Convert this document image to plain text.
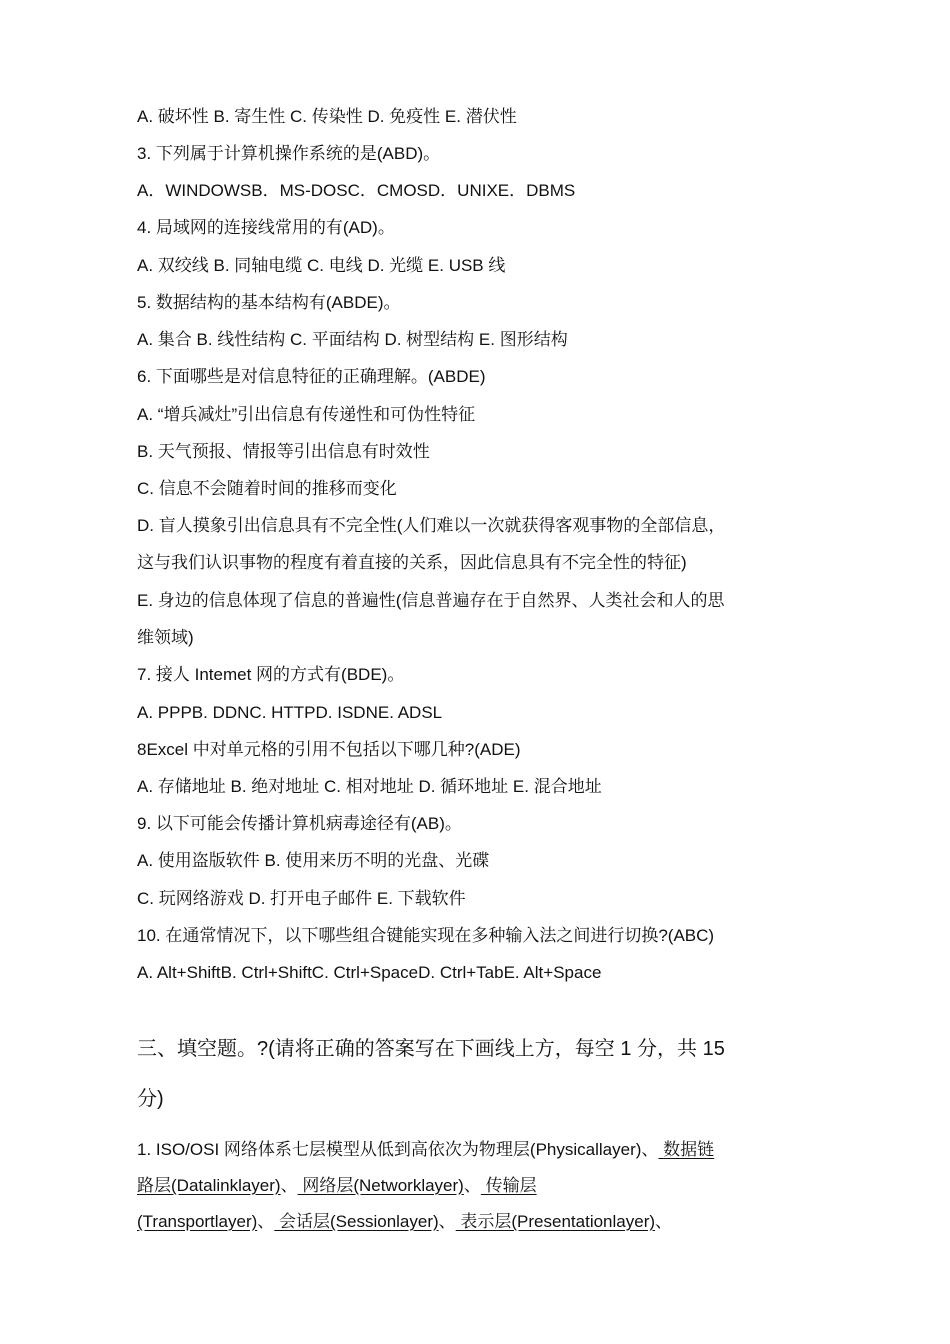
A. 破坏性 B. 寄生性 C. 传染性 D. 免疫性 E. 潜伏性
3. 下列属于计算机操作系统的是(ABD)。
A．WINDOWSB．MS-DOSC．CMOSD．UNIXE．DBMS
4. 局域网的连接线常用的有(AD)。
A. 双绞线 B. 同轴电缆 C. 电线 D. 光缆 E. USB 线
5. 数据结构的基本结构有(ABDE)。
A. 集合 B. 线性结构 C. 平面结构 D. 树型结构 E. 图形结构
6. 下面哪些是对信息特征的正确理解。(ABDE)
A. “增兵减灶”引出信息有传递性和可伪性特征
B. 天气预报、情报等引出信息有时效性
C. 信息不会随着时间的推移而变化
D. 盲人摸象引出信息具有不完全性(人们难以一次就获得客观事物的全部信息，
这与我们认识事物的程度有着直接的关系，因此信息具有不完全性的特征)
E. 身边的信息体现了信息的普遍性(信息普遍存在于自然界、人类社会和人的思
维领域)
7. 接人 Intemet 网的方式有(BDE)。
A. PPPB. DDNC. HTTPD. ISDNE. ADSL
8Excel 中对单元格的引用不包括以下哪几种?(ADE)
A. 存储地址 B. 绝对地址 C. 相对地址 D. 循环地址 E. 混合地址
9. 以下可能会传播计算机病毒途径有(AB)。
A. 使用盗版软件 B. 使用来历不明的光盘、光碟
C. 玩网络游戏 D. 打开电子邮件 E. 下载软件
10. 在通常情况下，以下哪些组合键能实现在多种输入法之间进行切换?(ABC)
A. Alt+ShiftB. Ctrl+ShiftC. Ctrl+SpaceD. Ctrl+TabE. Alt+Space
三、填空题。?(请将正确的答案写在下画线上方，每空 1 分，共 15
分)
1. ISO/OSI 网络体系七层模型从低到高依次为物理层(Physicallayer)、 数据链
路层(Datalinklayer)、 网络层(Networklayer)、 传输层
(Transportlayer)、 会话层(Sessionlayer)、 表示层(Presentationlayer)、
